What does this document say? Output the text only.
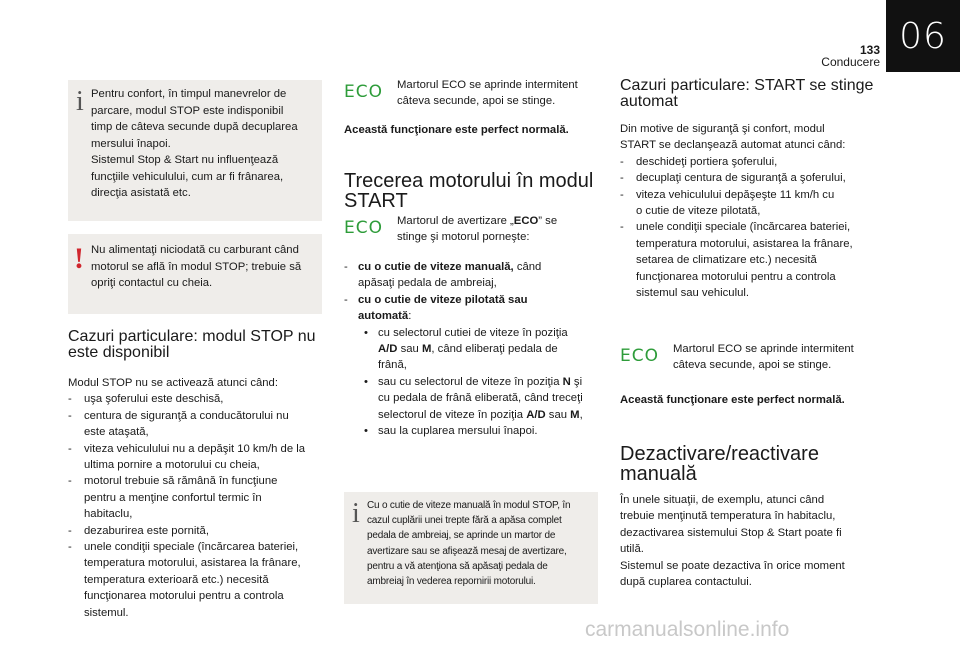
133
Conducere
06
i Pentru confort, în timpul manevrelor de
parcare, modul STOP este indisponibil
timp de câteva secunde după decuplarea
mersului înapoi.
Sistemul Stop & Start nu influenţează
funcţiile vehiculului, cum ar fi frânarea,
direcţia asistată etc.
! Nu alimentaţi niciodată cu carburant când
motorul se află în modul STOP; trebuie să
opriţi contactul cu cheia.
Cazuri particulare: modul STOP nu
este disponibil
Modul STOP nu se activează atunci când:
-	uşa şoferului este deschisă,
-	centura de siguranţă a conducătorului nu
este ataşată,
-	viteza vehiculului nu a depăşit 10 km/h de la
ultima pornire a motorului cu cheia,
-	motorul trebuie să rămână în funcţiune
pentru a menţine confortul termic în
habitaclu,
-	dezaburirea este pornită,
-	unele condiţii speciale (încărcarea bateriei,
temperatura motorului, asistarea la frânare,
temperatura exterioară etc.) necesită
funcţionarea motorului pentru a controla
sistemul.
ECO Martorul ECO se aprinde intermitent
câteva secunde, apoi se stinge.
Această funcţionare este perfect normală.
Trecerea motorului în modul
START
ECO Martorul de avertizare „ECO” se
stinge şi motorul porneşte:
- cu o cutie de viteze manuală, când
apăsaţi pedala de ambreiaj,
- cu o cutie de viteze pilotată sau
automată:
• cu selectorul cutiei de viteze în poziţia
A/D sau M, când eliberaţi pedala de
frână,
• sau cu selectorul de viteze în poziţia N şi
cu pedala de frână eliberată, când treceţi
selectorul de viteze în poziţia A/D sau M,
• sau la cuplarea mersului înapoi.
i Cu o cutie de viteze manuală în modul STOP, în
cazul cuplării unei trepte fără a apăsa complet
pedala de ambreiaj, se aprinde un martor de
avertizare sau se afişează mesaj de avertizare,
pentru a vă atenţiona să apăsaţi pedala de
ambreiaj în vederea repornirii motorului.
Cazuri particulare: START se stinge
automat
Din motive de siguranţă şi confort, modul
START se declanşează automat atunci când:
-	deschideţi portiera şoferului,
-	decuplaţi centura de siguranţă a şoferului,
-	viteza vehiculului depăşeşte 11 km/h cu
o cutie de viteze pilotată,
-	unele condiţii speciale (încărcarea bateriei,
temperatura motorului, asistarea la frânare,
setarea de climatizare etc.) necesită
funcţionarea motorului pentru a controla
sistemul sau vehiculul.
ECO Martorul ECO se aprinde intermitent
câteva secunde, apoi se stinge.
Această funcţionare este perfect normală.
Dezactivare/reactivare
manuală
În unele situaţii, de exemplu, atunci când
trebuie menţinută temperatura în habitaclu,
dezactivarea sistemului Stop & Start poate fi
utilă.
Sistemul se poate dezactiva în orice moment
după cuplarea contactului.
carmanualsonline.info
